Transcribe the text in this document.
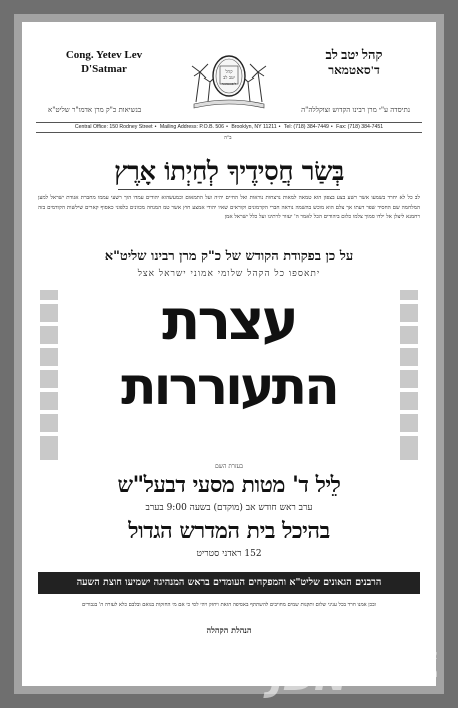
Cong. Yetev Lev
D'Satmar	קהל
יטב לב
ד'סאטמאר
קהל יטב לב
ד'סאטמאר
בנשיאות כ"ק מרן אדמו"ר שליט"א	נתיסדה ע"י מרן רבינו הקדוש זצוקללה"ה
Central Office: 150 Rodney Street • Mailing Address: P.O.B. 506 • Brooklyn, NY 11211 • Tel: (718) 384-7449 • Fax: (718) 384-7451
ב"ה
בְּשַׂר חֲסִידֶיךָ לְחַיְתוֹ אָרֶץ
לב כל לא יחרד בשמעו אשר רשע בצע בצפון הוא טמאה למאות נרצחות נוראות ואל החיים יהיה ועל התמאום וכמעשהוא יהודים עמדו הוך רשעי עממו מחברת אגודת ישראל למען המלחמה שם החסיד שפר דעתו אך צלם הוא מוכש בהשמה נוראה חברי הקדמונים וקוראים שאיו יהודי אמצע חוץ אשר טמ המנחה מכוונים כלפוני כאסוף קארים שילשות הקודמים בזה רחמנא ליצלן אל ילדו סמוך צלמו כלום ביהודים הכל לאמר ה' יעזור לרתינו ועל כלל ישראל אמן
על כן בפקודת הקודש של כ"ק מרן רבינו שליט"א
יתאספו כל הקהל שלומי אמוני ישראל אצל
עצרת
התעוררות
בעזרת השם
לֵיל ד' מטות מסעי דבעל"ש
ערב ראש חודש אב (מוקדם) בשעה 9:00 בערב
בהיכל בית המדרש הגדול
152 ראדני סטריט
הרבנים הגאונים שליט"א והמפקחים העומדים בראש המנהיגה ישמיעו חוצת השעה
ובכן אמנו חרד בכל עניני שלום ותקנות שמים מחויבים להשתתף באסיפה הזאת ויחזק ויהי לסי כי אם מי החזקות בנואם ובלבם כלא לעזרה ה' בגבורים
הנהלת הקהלה
JDN	אידישע
נייעס
